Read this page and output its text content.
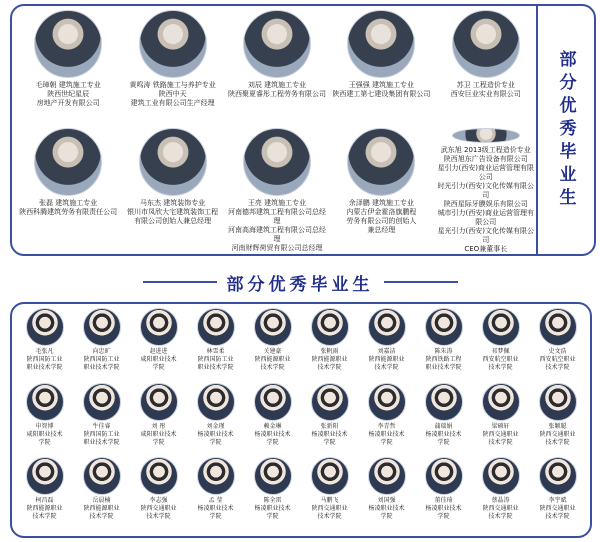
毛璋朝 建筑施工专业
陕西世纪星辰
房地产开发有限公司
黄鸣涛 铁路施工与养护专业
陕西中天
建筑工业有限公司生产经理
刘辰 建筑施工专业
陕西聚夏睿彤工程劳务有限公司
王强强 建筑施工专业
陕西建工第七建设集团有限公司
苏卫 工程造价专业
西安巨业实业有限公司
张磊 建筑施工专业
陕西科腾建筑劳务有限责任公司
马东杰 建筑装饰专业
银川市凤欣大宅建筑装饰工程
有限公司创始人兼总经理
王亮 建筑施工专业
河南德邦建筑工程有限公司总经理
河南高海建筑工程有限公司总经理
河南财辉荷贸有限公司总经理
余泽鹏 建筑施工专业
内蒙古伊金霍洛旗鹏程
劳务有限公司的创始人
兼总经理
武东旭 2013级工程造价专业
陕西旭东广告设备有限公司
星引力(西安)商业运营管理有限公司
时光引力(西安)文化传媒有限公司
陕西星际牙膜娱乐有限公司
城市引力(西安)商业运营管理有限公司
星光引力(西安)文化传媒有限公司
CEO兼董事长
部分优秀毕业生
部分优秀毕业生
毛张凡
陕西国防工业
职业技术学院
向忠旷
陕西国防工业
职业技术学院
赵进进
咸阳职业技术
学院
林雪柔
陕西国防工业
职业技术学院
关建豪
陕西能源职业
技术学院
张帆雨
陕西能源职业
技术学院
刘嘉洁
陕西能源职业
技术学院
陈朱涛
陕西铁路工程
职业技术学院
祁梦佩
西安航空职业
技术学院
史文浩
西安航空职业
技术学院
申智博
咸阳职业技术
学院
牛佳睿
陕西国防工业
职业技术学院
刘 彤
咸阳职业技术
学院
刘金瑾
杨凌职业技术
学院
赖金琳
杨凌职业技术
学院
张新阳
杨凌职业技术
学院
李青哲
杨凌职业技术
学院
蒲瑞娟
杨凌职业技术
学院
梁硕轩
陕西交通职业
技术学院
张颖聪
陕西交通职业
技术学院
柯昌磊
陕西能源职业
技术学院
岳晨楠
陕西能源职业
技术学院
李志强
陕西交通职业
技术学院
孟 莹
杨凌职业技术
学院
陈全雷
杨凌职业技术
学院
马鹏飞
陕西交通职业
技术学院
刘国强
杨凌职业技术
学院
董佳琦
杨凌职业技术
学院
蔡晶涛
陕西交通职业
技术学院
李宇斌
陕西交通职业
技术学院
